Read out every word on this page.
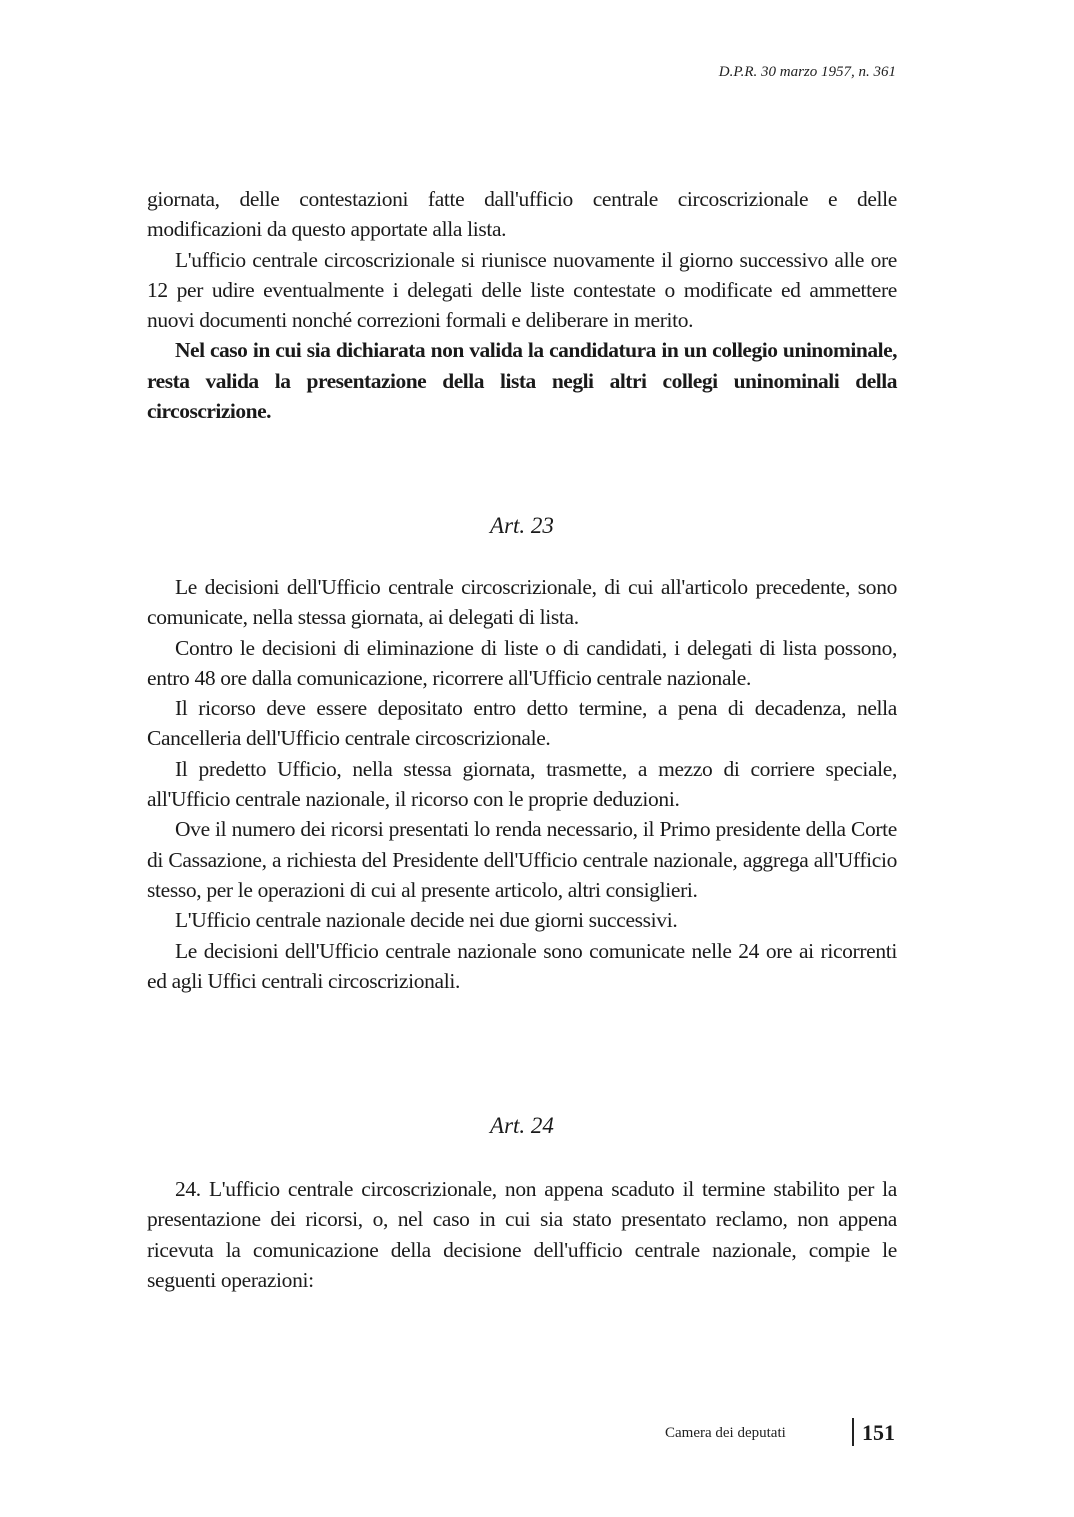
D.P.R. 30 marzo 1957, n. 361

giornata, delle contestazioni fatte dall'ufficio centrale circoscrizionale e delle modificazioni da questo apportate alla lista.

L'ufficio centrale circoscrizionale si riunisce nuovamente il giorno successivo alle ore 12 per udire eventualmente i delegati delle liste contestate o modificate ed ammettere nuovi documenti nonché correzioni formali e deliberare in merito.

Nel caso in cui sia dichiarata non valida la candidatura in un collegio uninominale, resta valida la presentazione della lista negli altri collegi uninominali della circoscrizione.

Art. 23

Le decisioni dell'Ufficio centrale circoscrizionale, di cui all'articolo precedente, sono comunicate, nella stessa giornata, ai delegati di lista.

Contro le decisioni di eliminazione di liste o di candidati, i delegati di lista possono, entro 48 ore dalla comunicazione, ricorrere all'Ufficio centrale nazionale.

Il ricorso deve essere depositato entro detto termine, a pena di decadenza, nella Cancelleria dell'Ufficio centrale circoscrizionale.

Il predetto Ufficio, nella stessa giornata, trasmette, a mezzo di corriere speciale, all'Ufficio centrale nazionale, il ricorso con le proprie deduzioni.

Ove il numero dei ricorsi presentati lo renda necessario, il Primo presidente della Corte di Cassazione, a richiesta del Presidente dell'Ufficio centrale nazionale, aggrega all'Ufficio stesso, per le operazioni di cui al presente articolo, altri consiglieri.

L'Ufficio centrale nazionale decide nei due giorni successivi.

Le decisioni dell'Ufficio centrale nazionale sono comunicate nelle 24 ore ai ricorrenti ed agli Uffici centrali circoscrizionali.

Art. 24

24. L'ufficio centrale circoscrizionale, non appena scaduto il termine stabilito per la presentazione dei ricorsi, o, nel caso in cui sia stato presentato reclamo, non appena ricevuta la comunicazione della decisione dell'ufficio centrale nazionale, compie le seguenti operazioni:

Camera dei deputati	151
